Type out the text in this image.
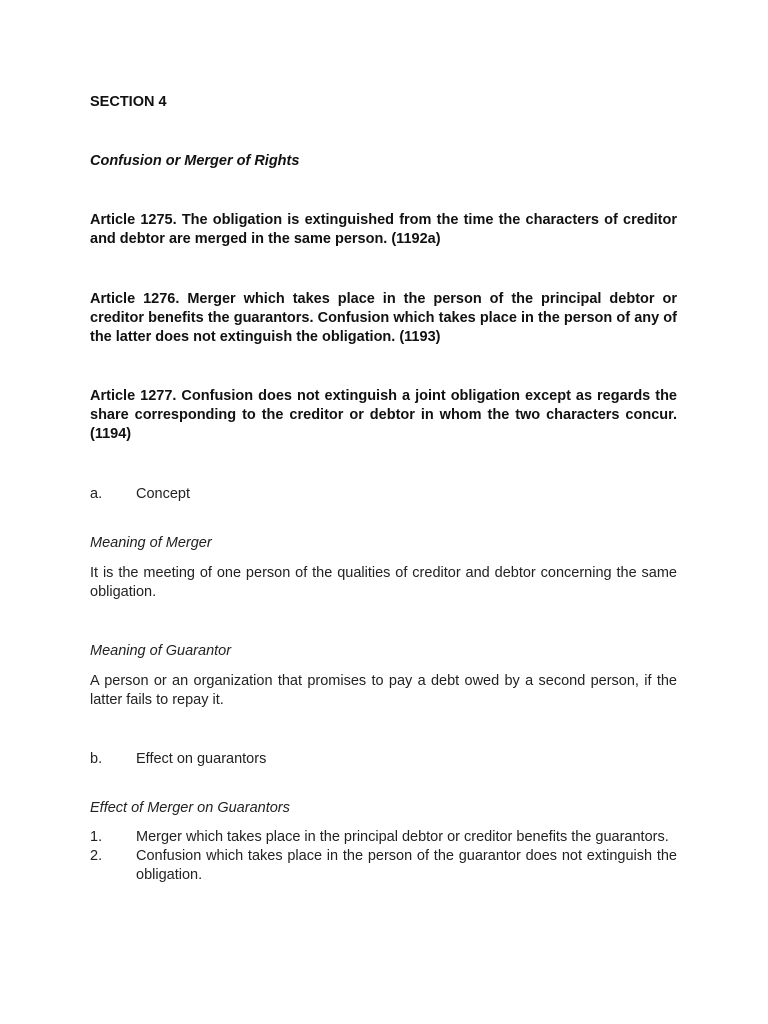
SECTION 4
Confusion or Merger of Rights
Article 1275. The obligation is extinguished from the time the characters of creditor and debtor are merged in the same person. (1192a)
Article 1276. Merger which takes place in the person of the principal debtor or creditor benefits the guarantors. Confusion which takes place in the person of any of the latter does not extinguish the obligation. (1193)
Article 1277. Confusion does not extinguish a joint obligation except as regards the share corresponding to the creditor or debtor in whom the two characters concur. (1194)
a.	Concept
Meaning of Merger
It is the meeting of one person of the qualities of creditor and debtor concerning the same obligation.
Meaning of Guarantor
A person or an organization that promises to pay a debt owed by a second person, if the latter fails to repay it.
b.	Effect on guarantors
Effect of Merger on Guarantors
1.	Merger which takes place in the principal debtor or creditor benefits the guarantors.
2.	Confusion which takes place in the person of the guarantor does not extinguish the obligation.
